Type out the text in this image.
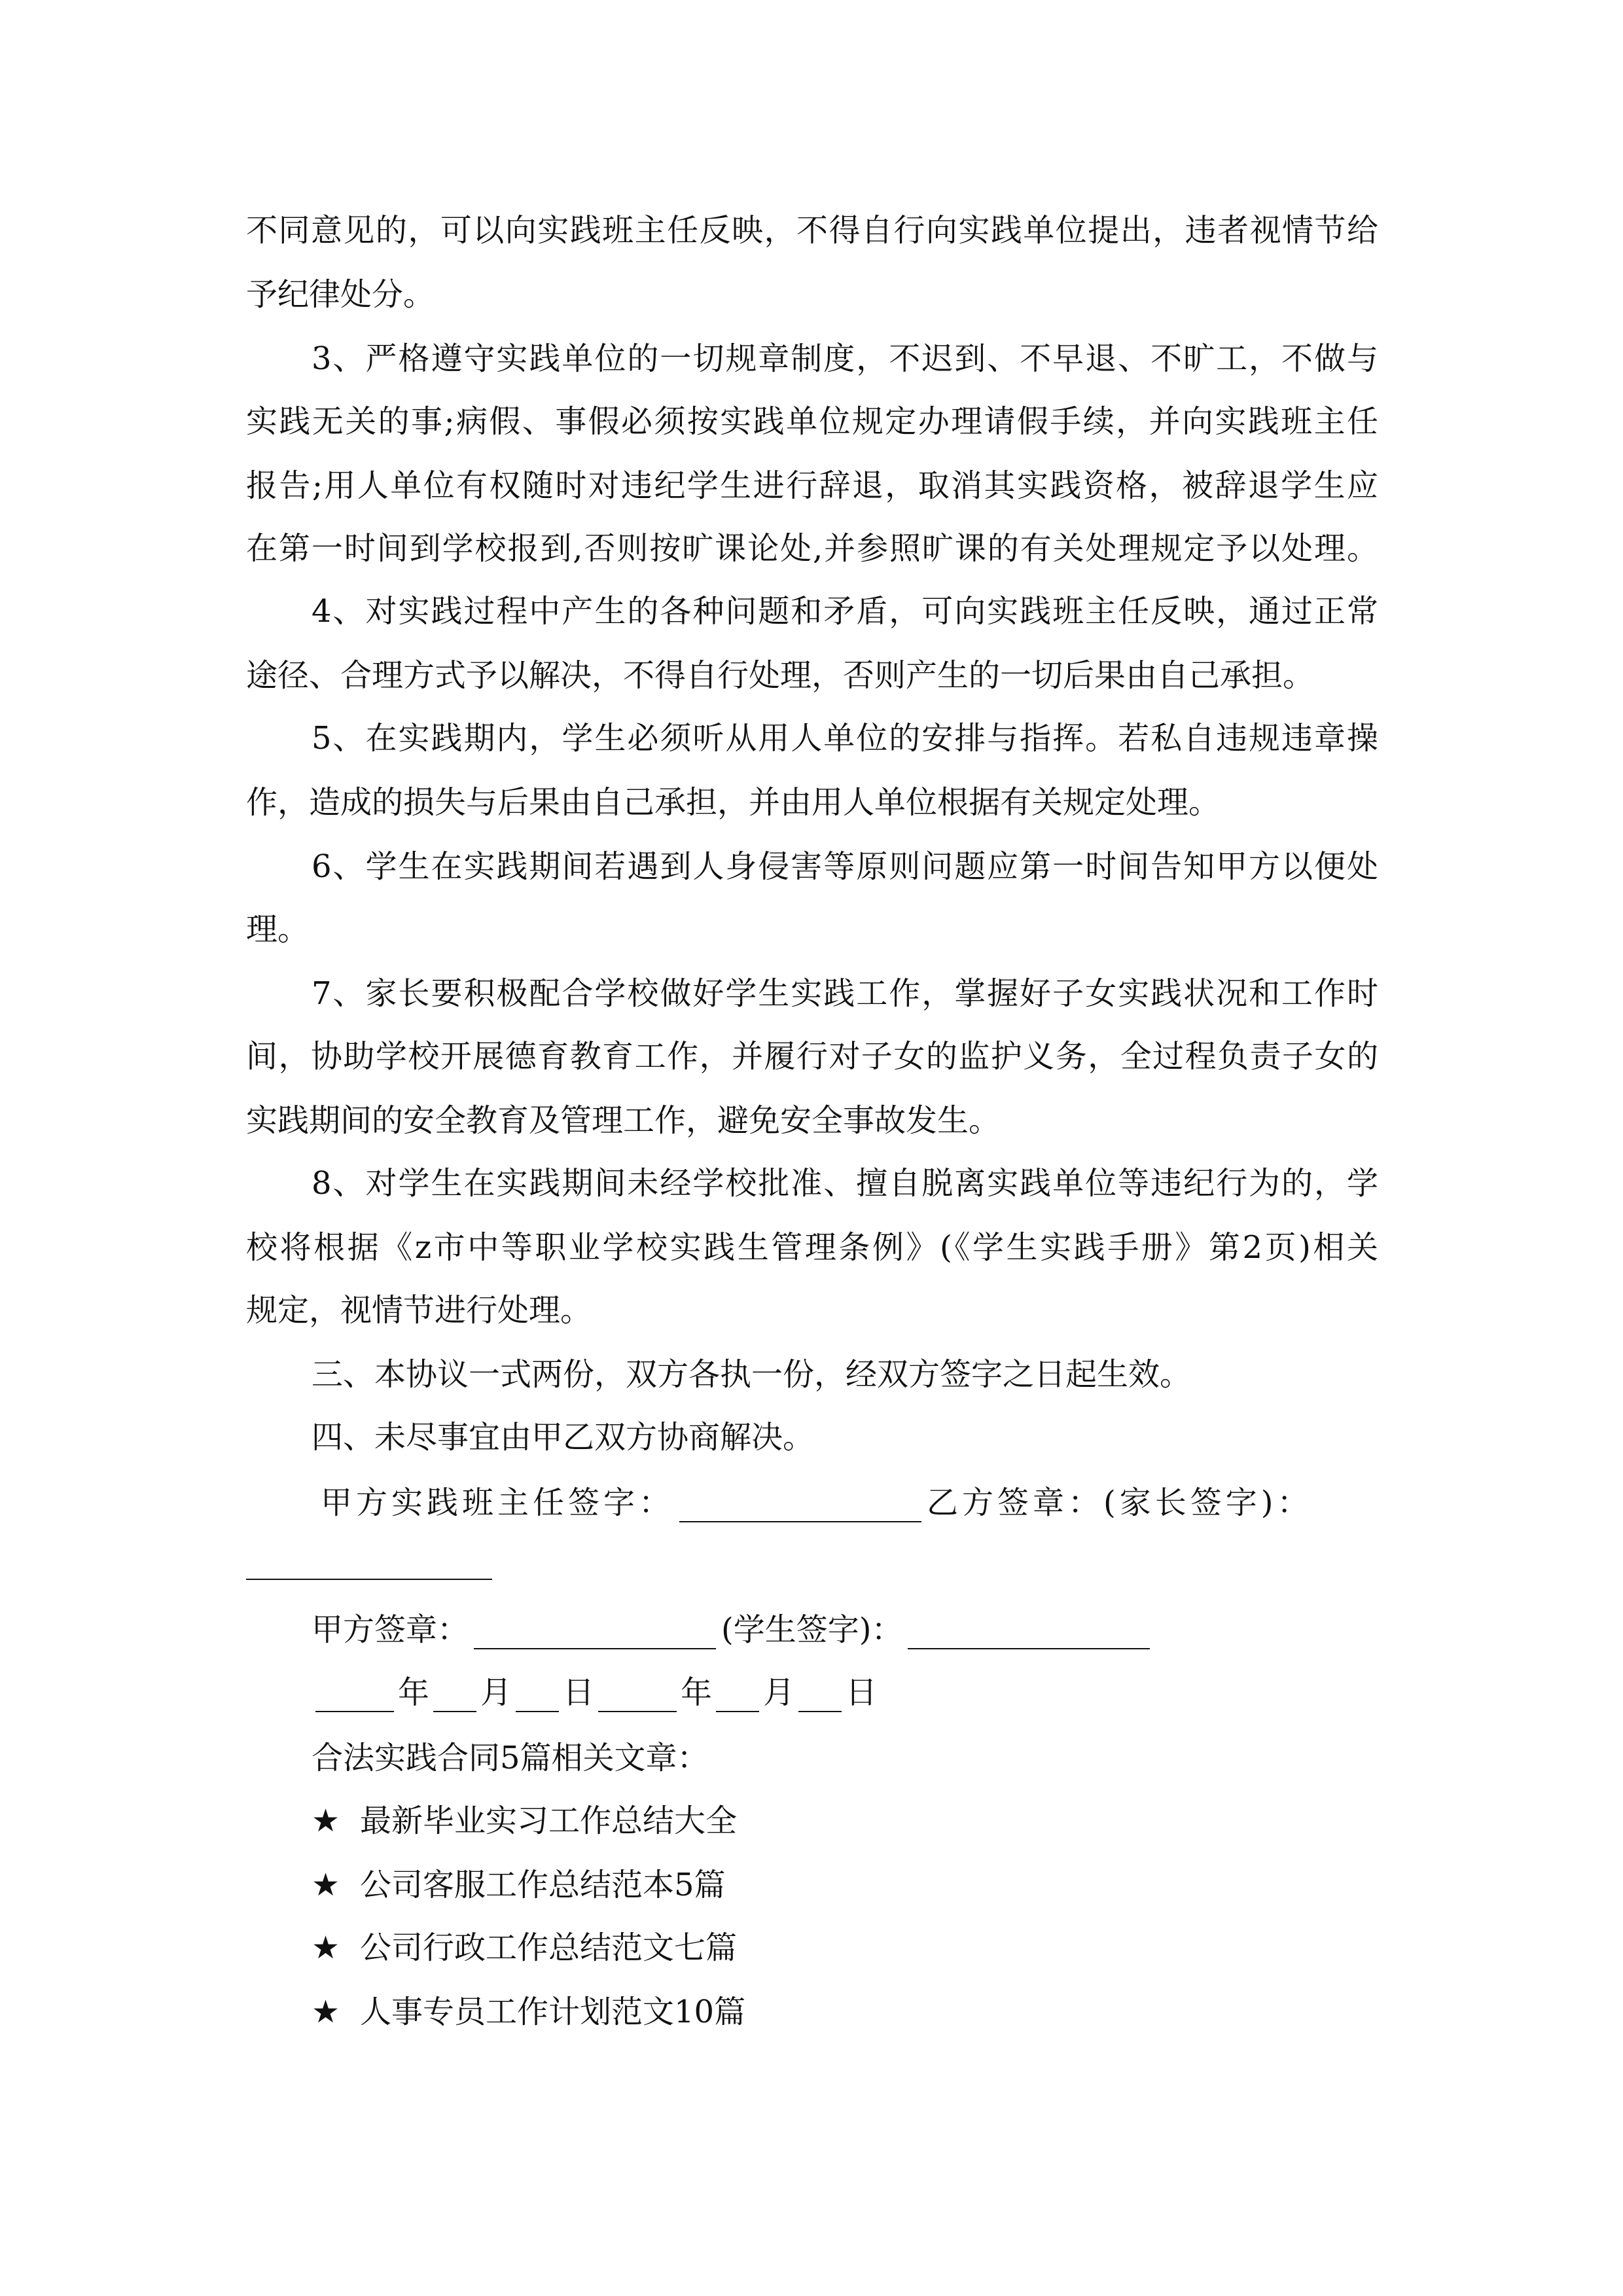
不同意见的，可以向实践班主任反映，不得自行向实践单位提出，违者视情节给
予纪律处分。
3、严格遵守实践单位的一切规章制度，不迟到、不早退、不旷工，不做与
实践无关的事;病假、事假必须按实践单位规定办理请假手续，并向实践班主任
报告;用人单位有权随时对违纪学生进行辞退，取消其实践资格，被辞退学生应
在第一时间到学校报到,否则按旷课论处,并参照旷课的有关处理规定予以处理。
4、对实践过程中产生的各种问题和矛盾，可向实践班主任反映，通过正常
途径、合理方式予以解决，不得自行处理，否则产生的一切后果由自己承担。
5、在实践期内，学生必须听从用人单位的安排与指挥。若私自违规违章操
作，造成的损失与后果由自己承担，并由用人单位根据有关规定处理。
6、学生在实践期间若遇到人身侵害等原则问题应第一时间告知甲方以便处
理。
7、家长要积极配合学校做好学生实践工作，掌握好子女实践状况和工作时
间，协助学校开展德育教育工作，并履行对子女的监护义务，全过程负责子女的
实践期间的安全教育及管理工作，避免安全事故发生。
8、对学生在实践期间未经学校批准、擅自脱离实践单位等违纪行为的，学
校将根据《z市中等职业学校实践生管理条例》(《学生实践手册》第2页)相关
规定，视情节进行处理。
三、本协议一式两份，双方各执一份，经双方签字之日起生效。
四、未尽事宜由甲乙双方协商解决。
甲方实践班主任签字：	乙方签章：(家长签字)：
甲方签章：	(学生签字)：
年 月 日	年 月 日
合法实践合同5篇相关文章：
★ 最新毕业实习工作总结大全
★ 公司客服工作总结范本5篇
★ 公司行政工作总结范文七篇
★ 人事专员工作计划范文10篇
